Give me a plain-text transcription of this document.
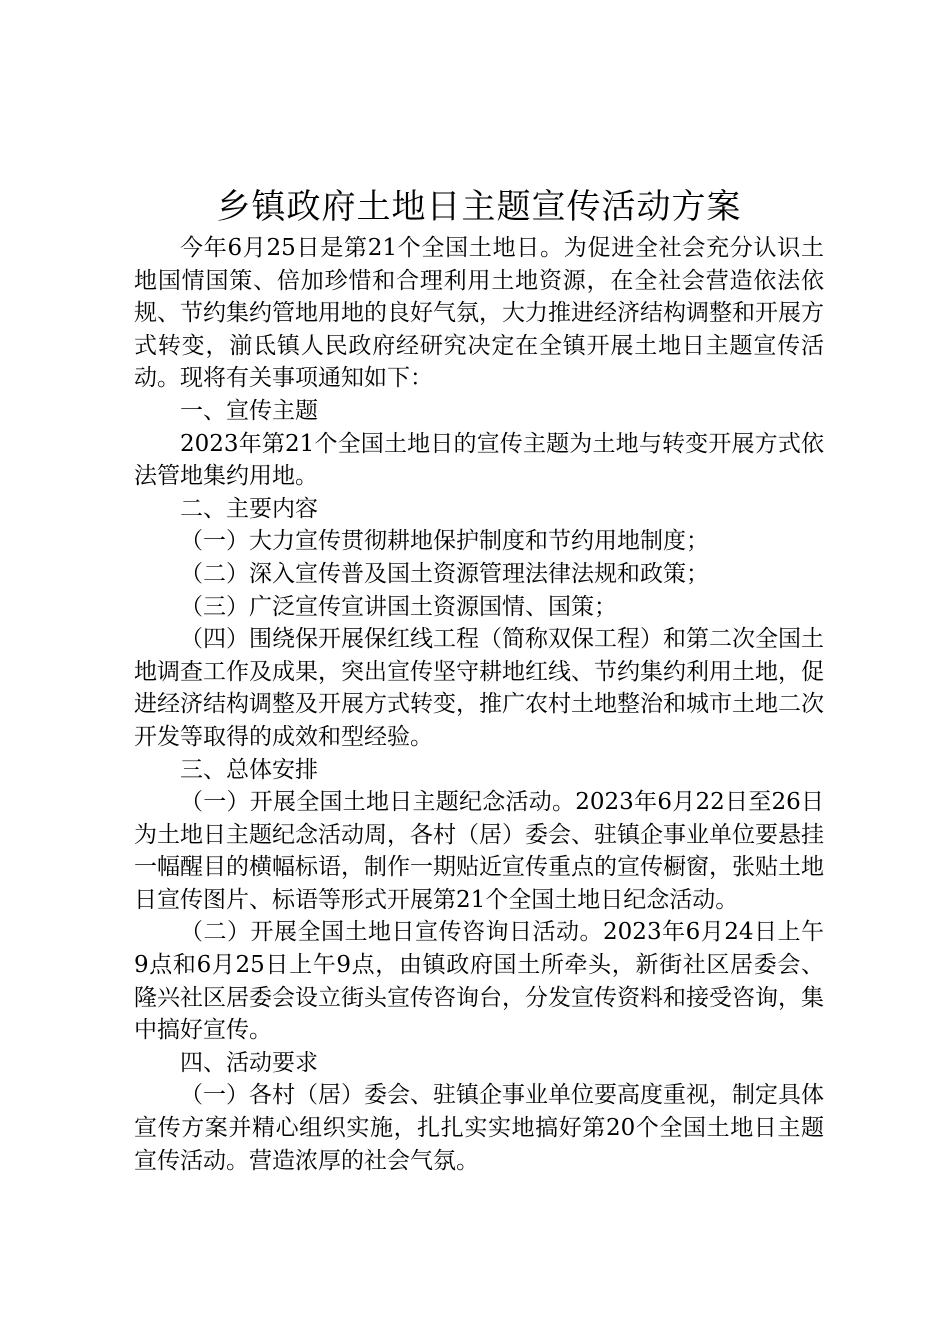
乡镇政府土地日主题宣传活动方案

今年6月25日是第21个全国土地日。为促进全社会充分认识土地国情国策、倍加珍惜和合理利用土地资源，在全社会营造依法依规、节约集约管地用地的良好气氛，大力推进经济结构调整和开展方式转变，湔氐镇人民政府经研究决定在全镇开展土地日主题宣传活动。现将有关事项通知如下：

一、宣传主题

2023年第21个全国土地日的宣传主题为土地与转变开展方式依法管地集约用地。

二、主要内容

（一）大力宣传贯彻耕地保护制度和节约用地制度；

（二）深入宣传普及国土资源管理法律法规和政策；

（三）广泛宣传宣讲国土资源国情、国策；

（四）围绕保开展保红线工程（简称双保工程）和第二次全国土地调查工作及成果，突出宣传坚守耕地红线、节约集约利用土地，促进经济结构调整及开展方式转变，推广农村土地整治和城市土地二次开发等取得的成效和型经验。

三、总体安排

（一）开展全国土地日主题纪念活动。2023年6月22日至26日为土地日主题纪念活动周，各村（居）委会、驻镇企事业单位要悬挂一幅醒目的横幅标语，制作一期贴近宣传重点的宣传橱窗，张贴土地日宣传图片、标语等形式开展第21个全国土地日纪念活动。

（二）开展全国土地日宣传咨询日活动。2023年6月24日上午9点和6月25日上午9点，由镇政府国土所牵头，新街社区居委会、隆兴社区居委会设立街头宣传咨询台，分发宣传资料和接受咨询，集中搞好宣传。

四、活动要求

（一）各村（居）委会、驻镇企事业单位要高度重视，制定具体宣传方案并精心组织实施，扎扎实实地搞好第20个全国土地日主题宣传活动。营造浓厚的社会气氛。
